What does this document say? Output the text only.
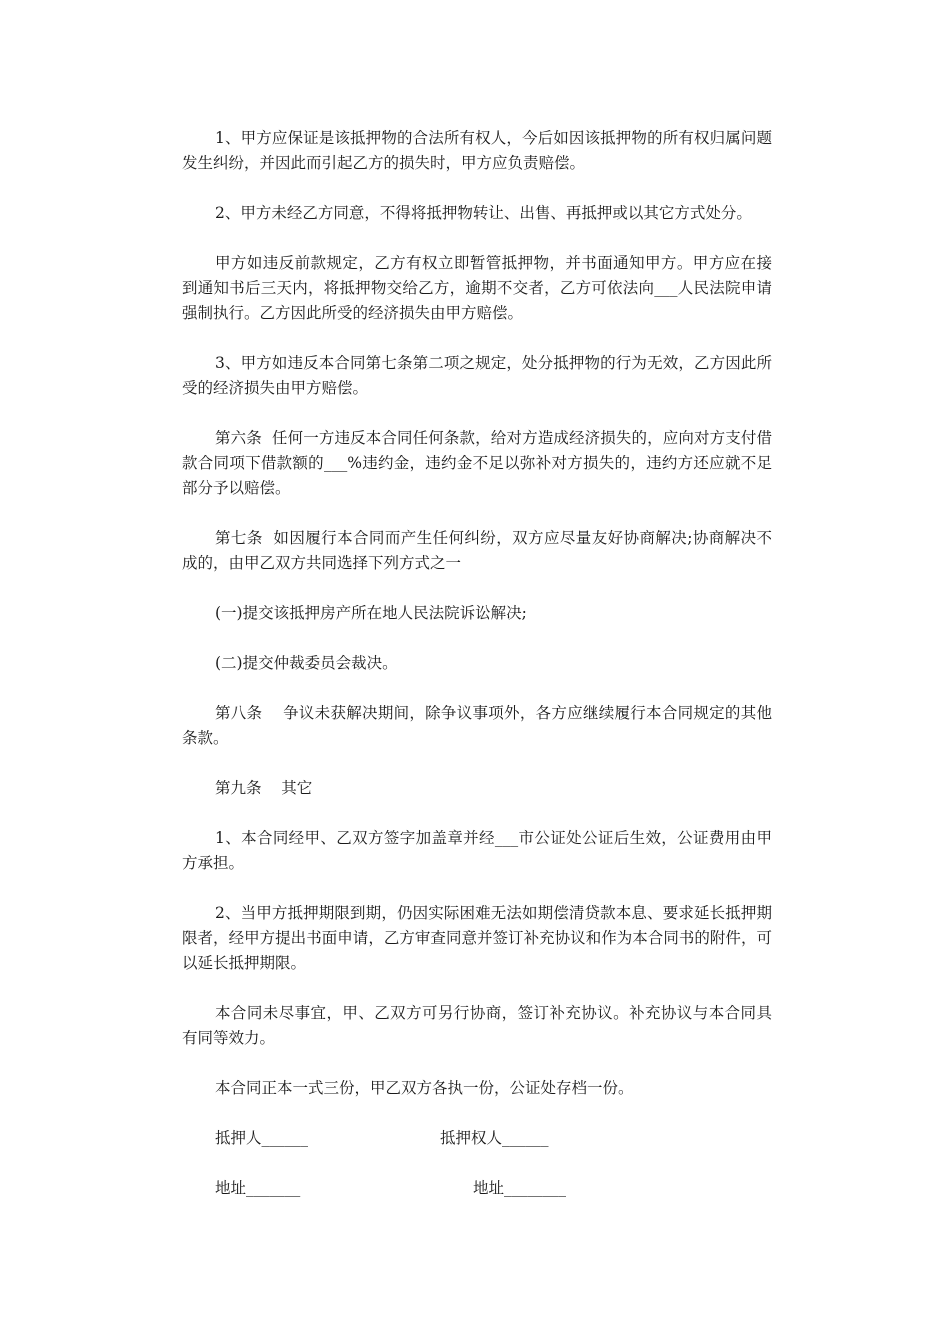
1、甲方应保证是该抵押物的合法所有权人，今后如因该抵押物的所有权归属问题发生纠纷，并因此而引起乙方的损失时，甲方应负责赔偿。

2、甲方未经乙方同意，不得将抵押物转让、出售、再抵押或以其它方式处分。

甲方如违反前款规定，乙方有权立即暂管抵押物，并书面通知甲方。甲方应在接到通知书后三天内，将抵押物交给乙方，逾期不交者，乙方可依法向___人民法院申请强制执行。乙方因此所受的经济损失由甲方赔偿。

3、甲方如违反本合同第七条第二项之规定，处分抵押物的行为无效，乙方因此所受的经济损失由甲方赔偿。

第六条  任何一方违反本合同任何条款，给对方造成经济损失的，应向对方支付借款合同项下借款额的___%违约金，违约金不足以弥补对方损失的，违约方还应就不足部分予以赔偿。

第七条  如因履行本合同而产生任何纠纷，双方应尽量友好协商解决;协商解决不成的，由甲乙双方共同选择下列方式之一

(一)提交该抵押房产所在地人民法院诉讼解决;

(二)提交仲裁委员会裁决。

第八条    争议未获解决期间，除争议事项外，各方应继续履行本合同规定的其他条款。

第九条    其它

1、本合同经甲、乙双方签字加盖章并经___市公证处公证后生效，公证费用由甲方承担。

2、当甲方抵押期限到期，仍因实际困难无法如期偿清贷款本息、要求延长抵押期限者，经甲方提出书面申请，乙方审查同意并签订补充协议和作为本合同书的附件，可以延长抵押期限。

本合同未尽事宜，甲、乙双方可另行协商，签订补充协议。补充协议与本合同具有同等效力。

本合同正本一式三份，甲乙双方各执一份，公证处存档一份。

抵押人______	抵押权人______
地址_______	地址________
